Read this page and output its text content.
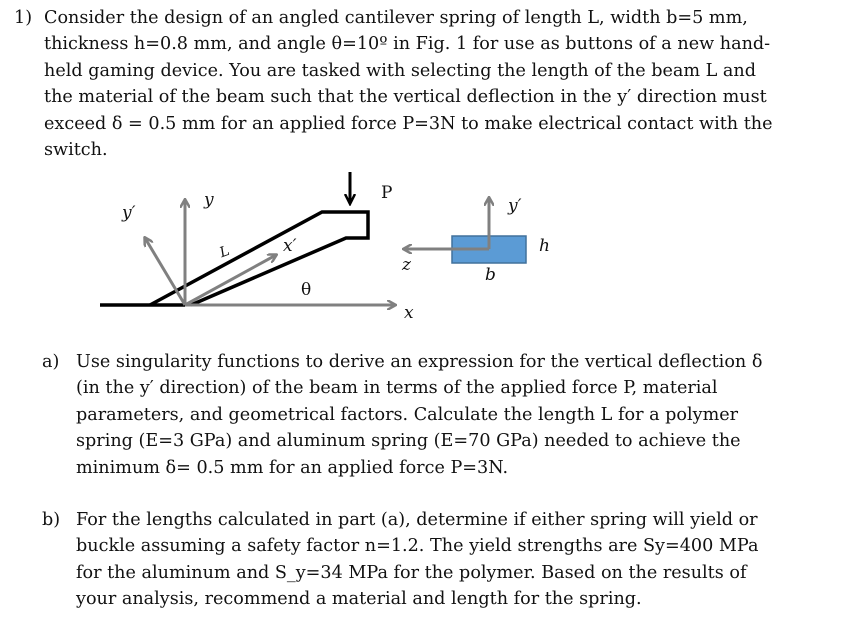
1) Consider the design of an angled cantilever spring of length L, width b=5 mm,
thickness h=0.8 mm, and angle θ=10º in Fig. 1 for use as buttons of a new hand-
held gaming device. You are tasked with selecting the length of the beam L and
the material of the beam such that the vertical deflection in the y′ direction must
exceed δ = 0.5 mm for an applied force P=3N to make electrical contact with the
switch.
y′
y
L	x′
θ
P
x
z
y′
h
b
a) Use singularity functions to derive an expression for the vertical deflection δ
(in the y′ direction) of the beam in terms of the applied force P, material
parameters, and geometrical factors. Calculate the length L for a polymer
spring (E=3 GPa) and aluminum spring (E=70 GPa) needed to achieve the
minimum δ= 0.5 mm for an applied force P=3N.
b) For the lengths calculated in part (a), determine if either spring will yield or
buckle assuming a safety factor n=1.2. The yield strengths are Sy=400 MPa
for the aluminum and S_y=34 MPa for the polymer. Based on the results of
your analysis, recommend a material and length for the spring.
